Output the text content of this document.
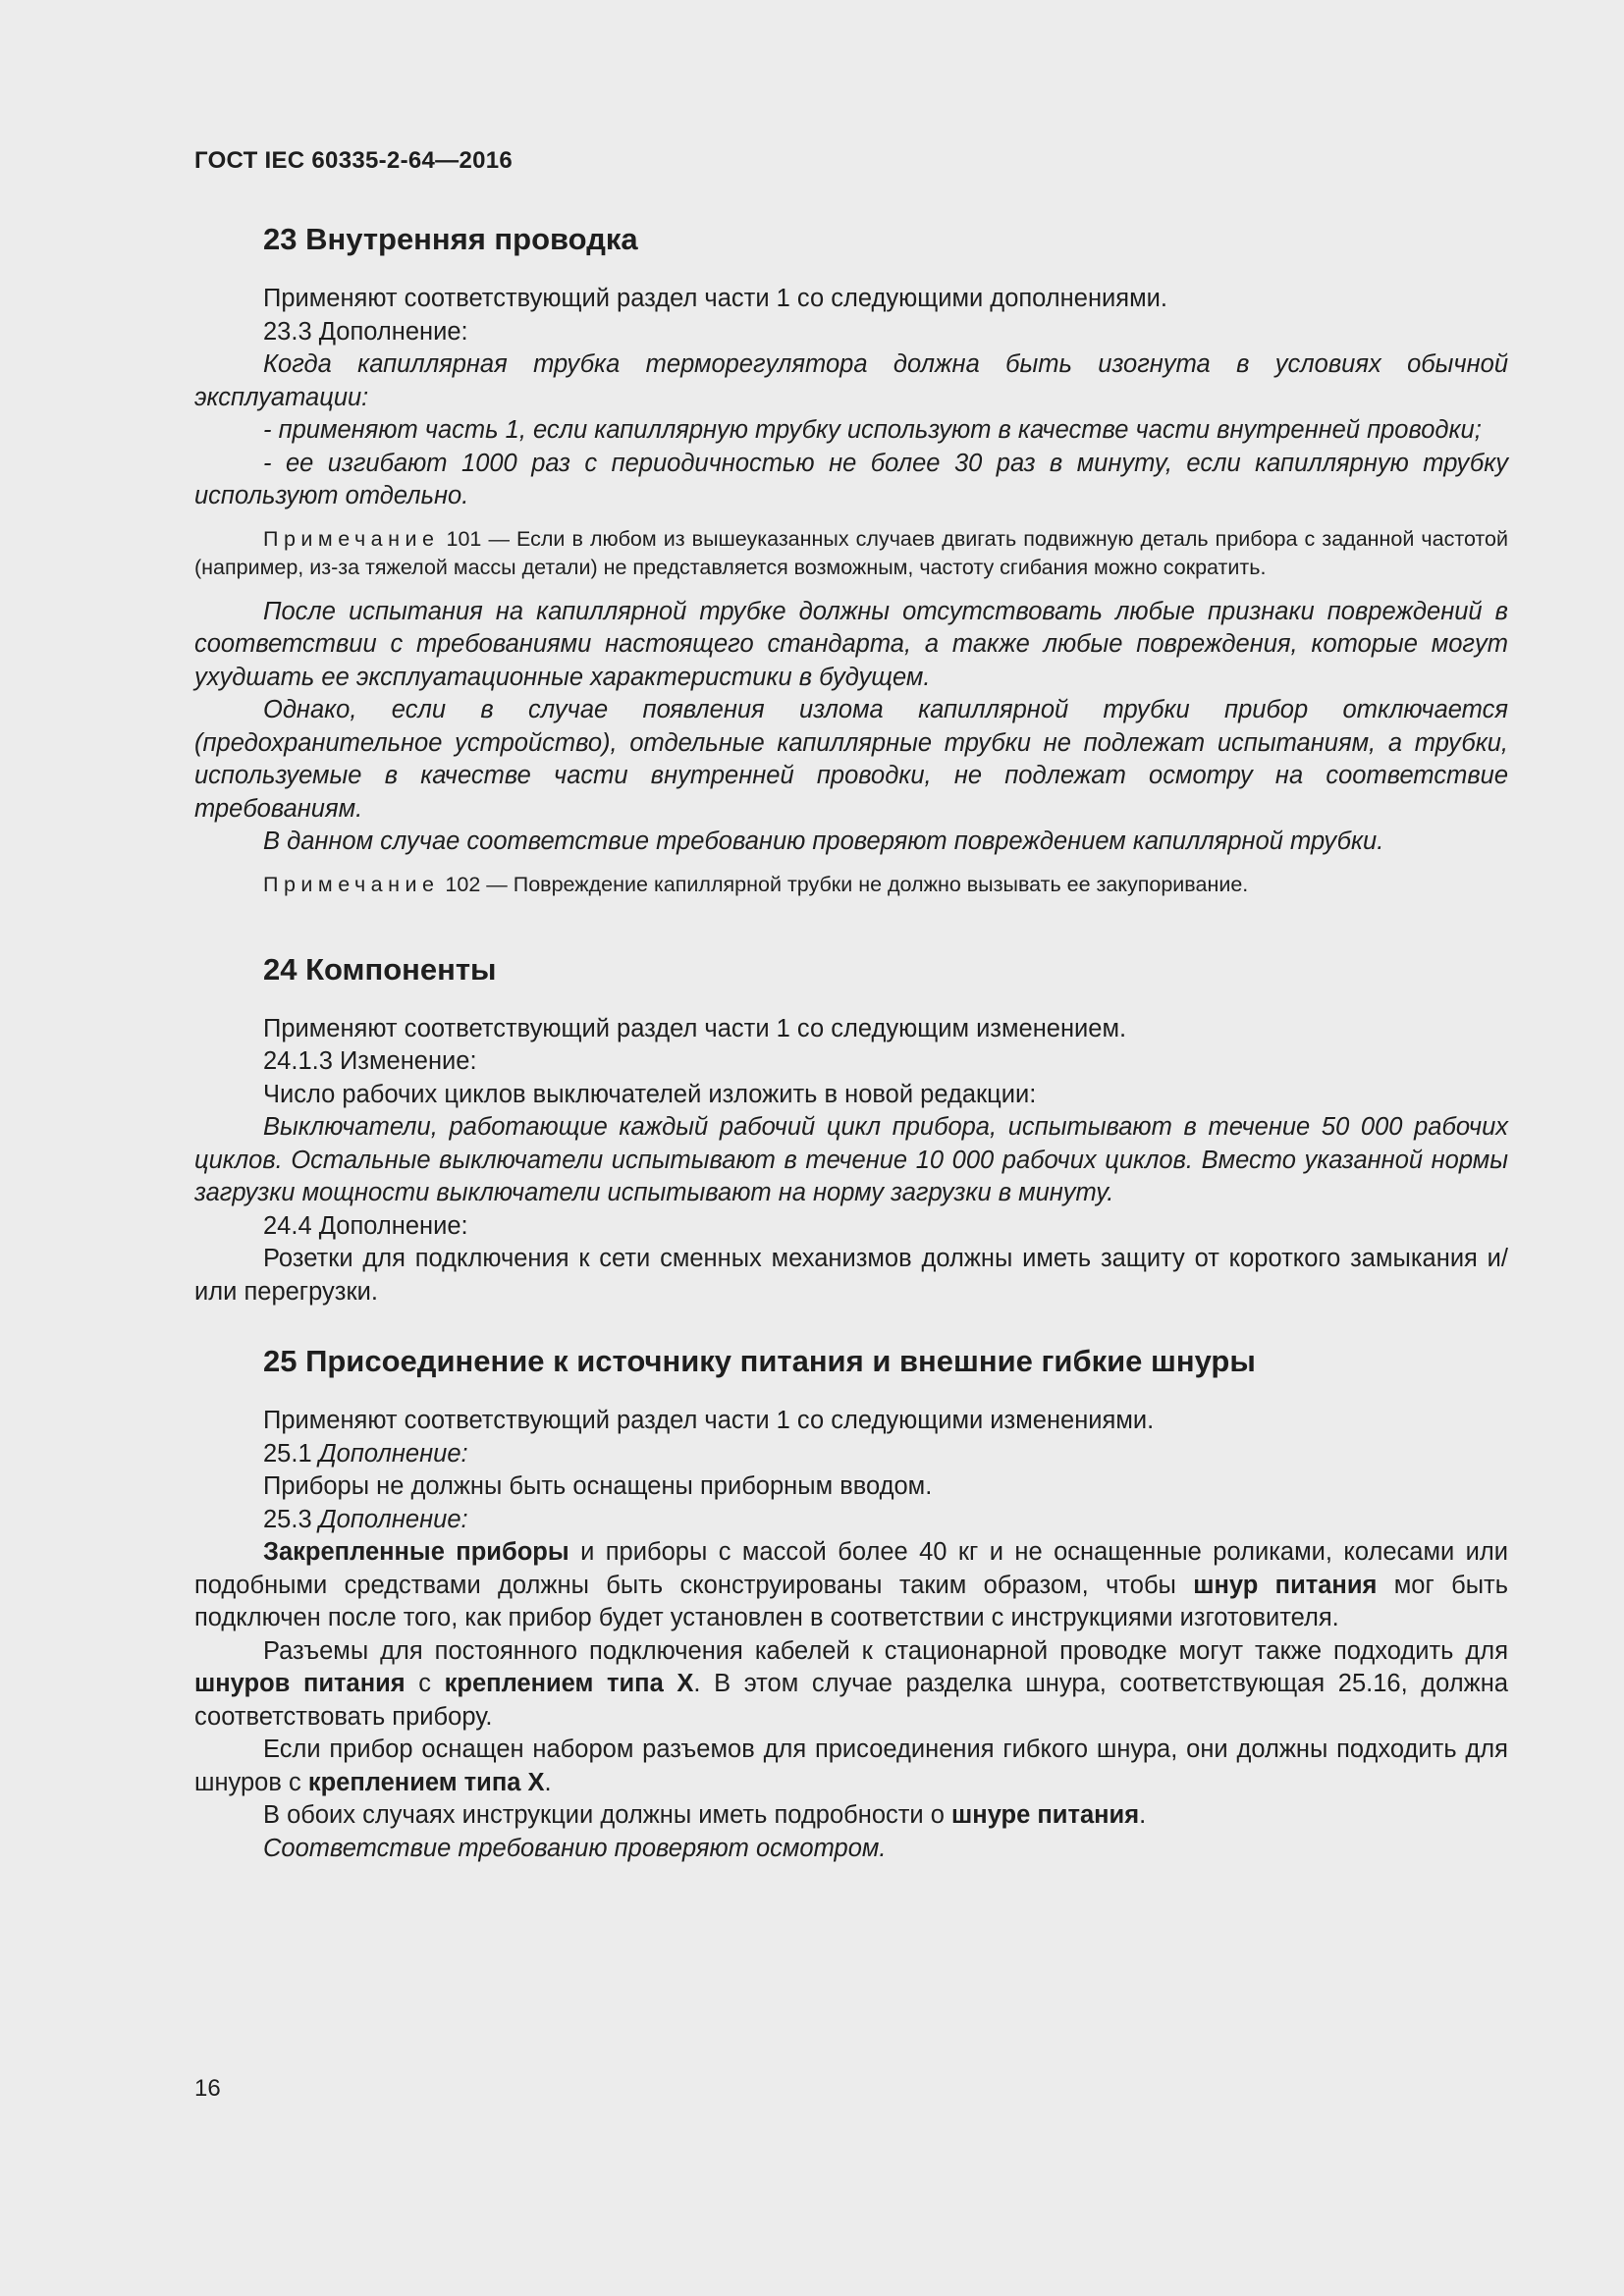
ГОСТ IEC 60335-2-64—2016
23 Внутренняя проводка

Применяют соответствующий раздел части 1 со следующими дополнениями.

23.3 Дополнение:

Когда капиллярная трубка терморегулятора должна быть изогнута в условиях обычной эксплуатации:

- применяют часть 1, если капиллярную трубку используют в качестве части внутренней проводки;

- ее изгибают 1000 раз с периодичностью не более 30 раз в минуту, если капиллярную трубку используют отдельно.

Примечание 101 — Если в любом из вышеуказанных случаев двигать подвижную деталь прибора с заданной частотой (например, из-за тяжелой массы детали) не представляется возможным, частоту сгибания можно сократить.

После испытания на капиллярной трубке должны отсутствовать любые признаки повреждений в соответствии с требованиями настоящего стандарта, а также любые повреждения, которые могут ухудшать ее эксплуатационные характеристики в будущем.

Однако, если в случае появления излома капиллярной трубки прибор отключается (предохранительное устройство), отдельные капиллярные трубки не подлежат испытаниям, а трубки, используемые в качестве части внутренней проводки, не подлежат осмотру на соответствие требованиям.

В данном случае соответствие требованию проверяют повреждением капиллярной трубки.

Примечание 102 — Повреждение капиллярной трубки не должно вызывать ее закупоривание.

24 Компоненты

Применяют соответствующий раздел части 1 со следующим изменением.

24.1.3 Изменение:

Число рабочих циклов выключателей изложить в новой редакции:

Выключатели, работающие каждый рабочий цикл прибора, испытывают в течение 50 000 рабочих циклов. Остальные выключатели испытывают в течение 10 000 рабочих циклов. Вместо указанной нормы загрузки мощности выключатели испытывают на норму загрузки в минуту.

24.4 Дополнение:

Розетки для подключения к сети сменных механизмов должны иметь защиту от короткого замыкания и/или перегрузки.

25 Присоединение к источнику питания и внешние гибкие шнуры

Применяют соответствующий раздел части 1 со следующими изменениями.

25.1 Дополнение:

Приборы не должны быть оснащены приборным вводом.

25.3 Дополнение:

Закрепленные приборы и приборы с массой более 40 кг и не оснащенные роликами, колесами или подобными средствами должны быть сконструированы таким образом, чтобы шнур питания мог быть подключен после того, как прибор будет установлен в соответствии с инструкциями изготовителя.

Разъемы для постоянного подключения кабелей к стационарной проводке могут также подходить для шнуров питания с креплением типа X. В этом случае разделка шнура, соответствующая 25.16, должна соответствовать прибору.

Если прибор оснащен набором разъемов для присоединения гибкого шнура, они должны подходить для шнуров с креплением типа X.

В обоих случаях инструкции должны иметь подробности о шнуре питания.

Соответствие требованию проверяют осмотром.

16
